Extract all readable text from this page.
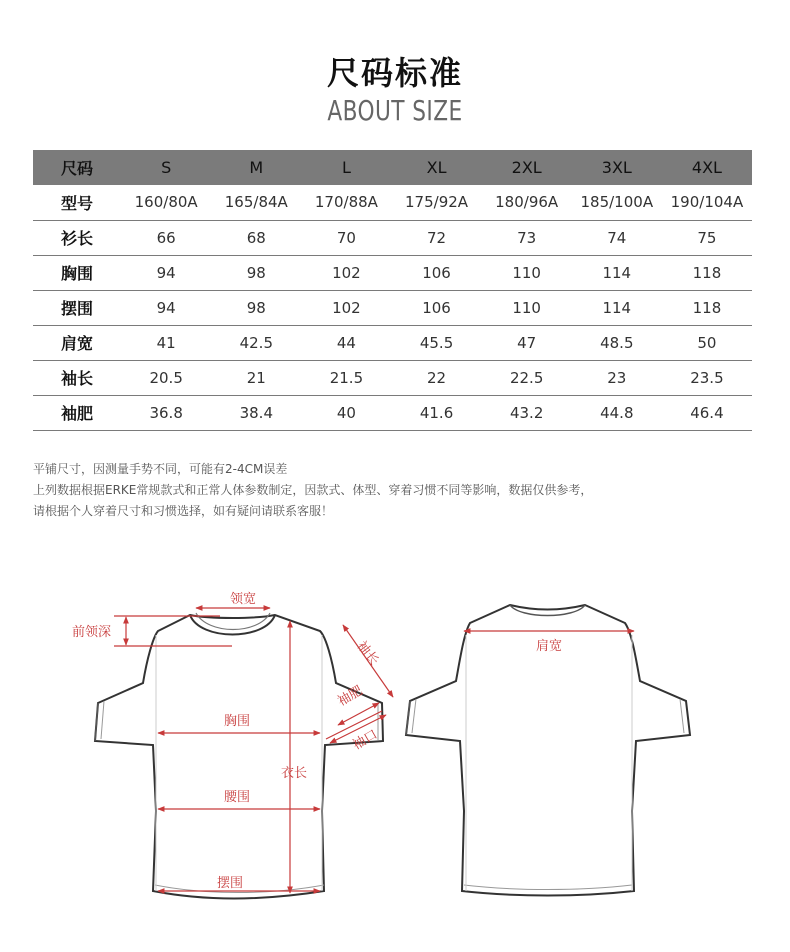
尺码标准
ABOUT SIZE
尺码	S	M	L	XL	2XL	3XL	4XL
型号	160/80A	165/84A	170/88A	175/92A	180/96A	185/100A	190/104A
衫长	66	68	70	72	73	74	75
胸围	94	98	102	106	110	114	118
摆围	94	98	102	106	110	114	118
肩宽	41	42.5	44	45.5	47	48.5	50
袖长	20.5	21	21.5	22	22.5	23	23.5
袖肥	36.8	38.4	40	41.6	43.2	44.8	46.4

平铺尺寸，因测量手势不同，可能有2-4CM误差

上列数据根据ERKE常规款式和正常人体参数制定，因款式、体型、穿着习惯不同等影响，数据仅供参考，

请根据个人穿着尺寸和习惯选择，如有疑问请联系客服！

领宽
前领深
袖长
袖肥
袖口
胸围
衣长
腰围
摆围
肩宽
